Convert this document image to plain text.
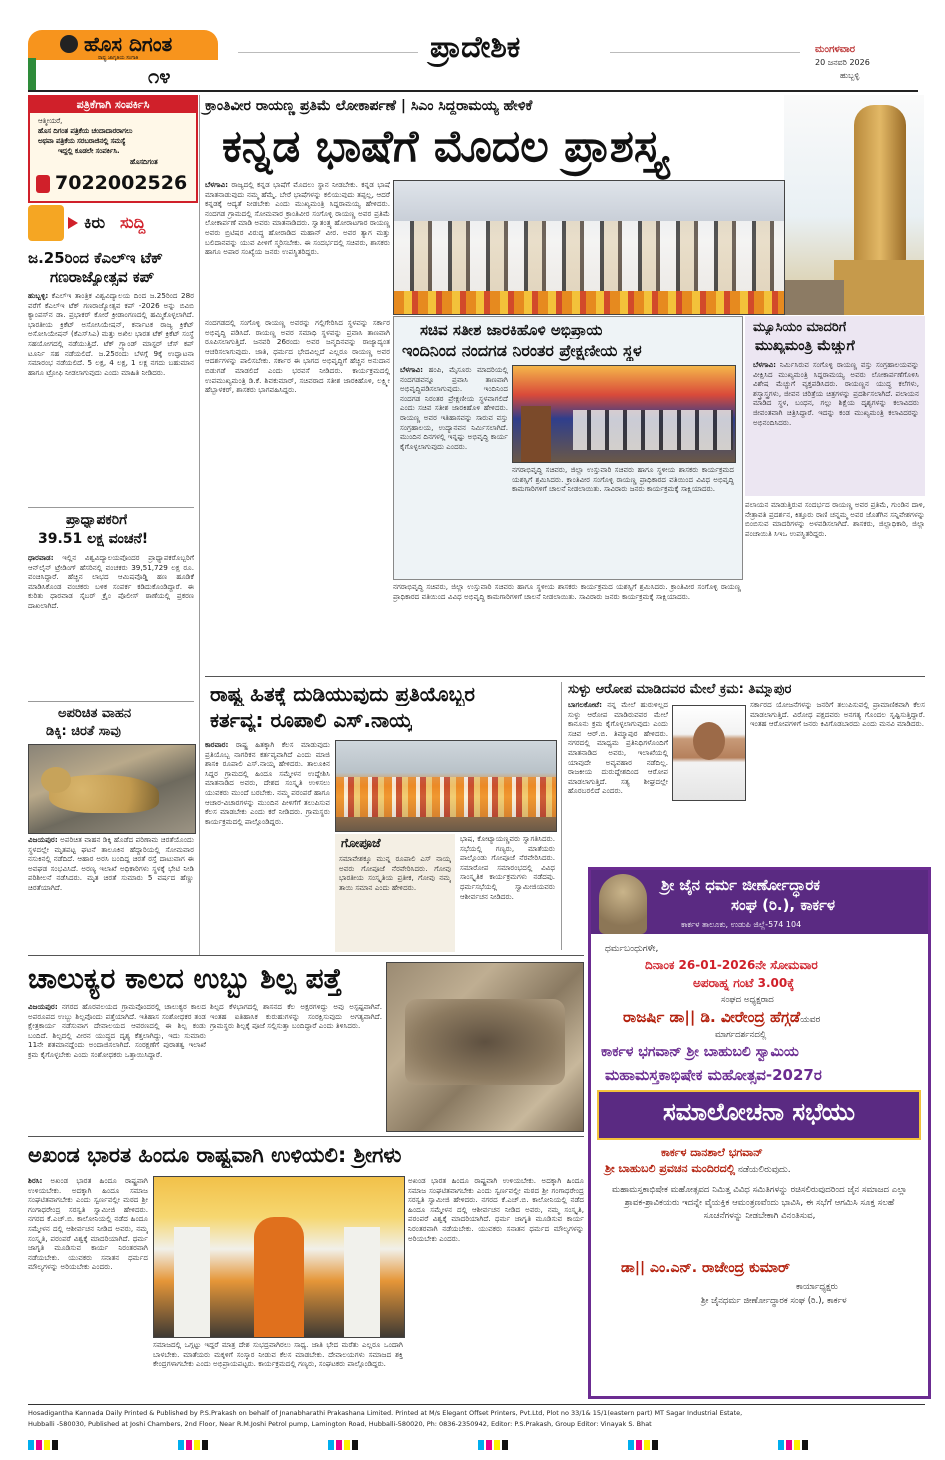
ಹೊಸ ದಿಗಂತ
ರಾಷ್ಟ್ರ ಜಾಗೃತಿಯ ಸಂಗಾತಿ
೧೪
ಪ್ರಾದೇಶಿಕ	ಮಂಗಳವಾರ
20 ಜನವರಿ 2026
ಹುಬ್ಬಳ್ಳಿ
ಪತ್ರಿಕೆಗಾಗಿ ಸಂಪರ್ಕಿಸಿ
ಆತ್ಮೀಯರೆ,
ಹೊಸ ದಿಗಂತ ಪತ್ರಿಕೆಯ ಚಂದಾದಾರರಾಗಲು
ಅಥವಾ ಪತ್ರಿಕೆಯ ಸರಬರಾಜಿನಲ್ಲಿ ಸಮಸ್ಯೆ
ಇದ್ದಲ್ಲಿ ಕೂಡಲೇ ಸಂಪರ್ಕಿಸಿ.
ಹೊಸದಿಗಂತ
7022002526
ಕಿರು ಸುದ್ದಿ
ಜ.25ರಿಂದ ಕೆಎಲ್‌ಇ ಟೆಕ್
ಗಣರಾಜ್ಯೋತ್ಸವ ಕಪ್
ಹುಬ್ಬಳ್ಳಿ: ಕೆಎಲ್‌ಇ ತಾಂತ್ರಿಕ ವಿಶ್ವವಿದ್ಯಾಲಯ ದಿಂದ ಜ.25ರಿಂದ 28ರ ವರೆಗೆ ಕೆಎಲ್‌ಇ ಟೆಕ್ ಗಣರಾಜ್ಯೋತ್ಸವ ಕಪ್ -2026 ಅನ್ನು ಬಿವಿಬಿ ಕ್ಯಾಂಪಸ್‌ನ ಡಾ. ಪ್ರಭಾಕರ್ ಕೋರೆ ಕ್ರೀಡಾಂಗಣದಲ್ಲಿ ಹಮ್ಮಿಕೊಳ್ಳಲಾಗಿದೆ. ಭಾರತೀಯ ಕ್ರಿಕೆಟ್ ಅಸೋಸಿಯೇಷನ್, ಕರ್ನಾಟಕ ರಾಜ್ಯ ಕ್ರಿಕೆಟ್ ಅಸೋಸಿಯೇಷನ್ (ಕೆಎಸ್‌ಸಿಎ) ಮತ್ತು ಅಖಿಲ ಭಾರತ ಟೆಕ್ ಕ್ರಿಕೆಟ್ ಸಂಸ್ಥೆ ಸಹಯೋಗದಲ್ಲಿ ನಡೆಯುತ್ತಿದೆ. ಟೆಕ್ ಗ್ರ್ಯಾಂಡ್ ಮಾಸ್ಟರ್ ಚೆಸ್ ಕಪ್ ಟೂರ್ನಿ ಸಹ ನಡೆಯಲಿದೆ. ಜ.25ರಂದು ಬೆಳಗ್ಗೆ 9ಕ್ಕೆ ಉದ್ಘಾಟನಾ ಸಮಾರಂಭ ನಡೆಯಲಿದೆ. 5 ಲಕ್ಷ, 4 ಲಕ್ಷ, 1 ಲಕ್ಷ ನಗದು ಬಹುಮಾನ ಹಾಗೂ ಟ್ರೋಫಿ ನೀಡಲಾಗುವುದು ಎಂದು ಮಾಹಿತಿ ನೀಡಿದರು.
ಪ್ರಾಧ್ಯಾಪಕರಿಗೆ
39.51 ಲಕ್ಷ ವಂಚನೆ!
ಧಾರವಾಡ: ಇಲ್ಲಿನ ವಿಶ್ವವಿದ್ಯಾಲಯವೊಂದರ ಪ್ರಾಧ್ಯಾಪಕರೊಬ್ಬರಿಗೆ ಆನ್‌ಲೈನ್ ಟ್ರೇಡಿಂಗ್ ಹೆಸರಿನಲ್ಲಿ ವಂಚಕರು 39,51,729 ಲಕ್ಷ ರೂ. ವಂಚಿಸಿದ್ದಾರೆ. ಹೆಚ್ಚಿನ ಲಾಭದ ಆಮಿಷವೊಡ್ಡಿ ಹಣ ಹೂಡಿಕೆ ಮಾಡಿಸಿಕೊಂಡ ವಂಚಕರು ಬಳಿಕ ಸಂಪರ್ಕ ಕಡಿದುಕೊಂಡಿದ್ದಾರೆ. ಈ ಕುರಿತು ಧಾರವಾಡ ಸೈಬರ್ ಕ್ರೈಂ ಪೊಲೀಸ್ ಠಾಣೆಯಲ್ಲಿ ಪ್ರಕರಣ ದಾಖಲಾಗಿದೆ.
ಅಪರಿಚಿತ ವಾಹನ
ಡಿಕ್ಕಿ: ಚಿರತೆ ಸಾವು
ವಿಜಯಪುರ: ಅಪರಿಚಿತ ವಾಹನ ಡಿಕ್ಕಿ ಹೊಡೆದ ಪರಿಣಾಮ ಚಿರತೆಯೊಂದು ಸ್ಥಳದಲ್ಲೇ ಮೃತಪಟ್ಟ ಘಟನೆ ತಾಲೂಕಿನ ಹೆದ್ದಾರಿಯಲ್ಲಿ ಸೋಮವಾರ ನಸುಕಿನಲ್ಲಿ ನಡೆದಿದೆ. ಆಹಾರ ಅರಸಿ ಬಂದಿದ್ದ ಚಿರತೆ ರಸ್ತೆ ದಾಟುವಾಗ ಈ ಅವಘಡ ಸಂಭವಿಸಿದೆ. ಅರಣ್ಯ ಇಲಾಖೆ ಅಧಿಕಾರಿಗಳು ಸ್ಥಳಕ್ಕೆ ಭೇಟಿ ನೀಡಿ ಪರಿಶೀಲನೆ ನಡೆಸಿದರು. ಮೃತ ಚಿರತೆ ಸುಮಾರು 5 ವರ್ಷದ ಹೆಣ್ಣು ಚಿರತೆಯಾಗಿದೆ.
ಕ್ರಾಂತಿವೀರ ರಾಯಣ್ಣ ಪ್ರತಿಮೆ ಲೋಕಾರ್ಪಣೆ | ಸಿಎಂ ಸಿದ್ದರಾಮಯ್ಯ ಹೇಳಿಕೆ
ಕನ್ನಡ ಭಾಷೆಗೆ ಮೊದಲ ಪ್ರಾಶಸ್ತ್ಯ
ಬೆಳಗಾವಿ: ರಾಜ್ಯದಲ್ಲಿ ಕನ್ನಡ ಭಾಷೆಗೆ ಮೊದಲು ಸ್ಥಾನ ನೀಡಬೇಕು. ಕನ್ನಡ ಭಾಷೆ ಮಾತನಾಡುವುದು ನಮ್ಮ ಹೆಮ್ಮೆ. ಬೇರೆ ಭಾಷೆಗಳನ್ನು ಕಲಿಯುವುದು ತಪ್ಪಲ್ಲ, ಆದರೆ ಕನ್ನಡಕ್ಕೆ ಆದ್ಯತೆ ನೀಡಬೇಕು ಎಂದು ಮುಖ್ಯಮಂತ್ರಿ ಸಿದ್ದರಾಮಯ್ಯ ಹೇಳಿದರು. ನಂದಗಡ ಗ್ರಾಮದಲ್ಲಿ ಸೋಮವಾರ ಕ್ರಾಂತಿವೀರ ಸಂಗೊಳ್ಳಿ ರಾಯಣ್ಣ ಅವರ ಪ್ರತಿಮೆ ಲೋಕಾರ್ಪಣೆ ಮಾಡಿ ಅವರು ಮಾತನಾಡಿದರು. ಸ್ವಾತಂತ್ರ್ಯ ಹೋರಾಟಗಾರ ರಾಯಣ್ಣ ಅವರು ಬ್ರಿಟಿಷರ ವಿರುದ್ಧ ಹೋರಾಡಿದ ಮಹಾನ್ ವೀರ. ಅವರ ತ್ಯಾಗ ಮತ್ತು ಬಲಿದಾನವನ್ನು ಯುವ ಪೀಳಿಗೆ ಸ್ಮರಿಸಬೇಕು. ಈ ಸಂದರ್ಭದಲ್ಲಿ ಸಚಿವರು, ಶಾಸಕರು ಹಾಗೂ ಅಪಾರ ಸಂಖ್ಯೆಯ ಜನರು ಉಪಸ್ಥಿತರಿದ್ದರು.
ನಂದಗಡದಲ್ಲಿ ಸಂಗೊಳ್ಳಿ ರಾಯಣ್ಣ ಅವರನ್ನು ಗಲ್ಲಿಗೇರಿಸಿದ ಸ್ಥಳವನ್ನು ಸರ್ಕಾರ ಅಭಿವೃದ್ಧಿ ಪಡಿಸಿದೆ. ರಾಯಣ್ಣ ಅವರ ಸಮಾಧಿ ಸ್ಥಳವನ್ನು ಪ್ರವಾಸಿ ತಾಣವಾಗಿ ರೂಪಿಸಲಾಗುತ್ತಿದೆ. ಜನವರಿ 26ರಂದು ಅವರ ಜನ್ಮದಿನವನ್ನು ರಾಜ್ಯಾದ್ಯಂತ ಆಚರಿಸಲಾಗುವುದು. ಜಾತಿ, ಧರ್ಮದ ಭೇದವಿಲ್ಲದೆ ಎಲ್ಲರೂ ರಾಯಣ್ಣ ಅವರ ಆದರ್ಶಗಳನ್ನು ಪಾಲಿಸಬೇಕು. ಸರ್ಕಾರ ಈ ಭಾಗದ ಅಭಿವೃದ್ಧಿಗೆ ಹೆಚ್ಚಿನ ಅನುದಾನ ಬಿಡುಗಡೆ ಮಾಡಲಿದೆ ಎಂದು ಭರವಸೆ ನೀಡಿದರು. ಕಾರ್ಯಕ್ರಮದಲ್ಲಿ ಉಪಮುಖ್ಯಮಂತ್ರಿ ಡಿ.ಕೆ. ಶಿವಕುಮಾರ್, ಸಚಿವರಾದ ಸತೀಶ ಜಾರಕಿಹೊಳಿ, ಲಕ್ಷ್ಮೀ ಹೆಬ್ಬಾಳಕರ್, ಶಾಸಕರು ಭಾಗವಹಿಸಿದ್ದರು.
ಸಚಿವ ಸತೀಶ ಜಾರಕಿಹೊಳಿ ಅಭಿಪ್ರಾಯ
ಇಂದಿನಿಂದ ನಂದಗಡ ನಿರಂತರ ಪ್ರೇಕ್ಷಣೀಯ ಸ್ಥಳ
ಬೆಳಗಾವಿ: ಹಂಪಿ, ಮೈಸೂರು ಮಾದರಿಯಲ್ಲಿ ನಂದಗಡವನ್ನೂ ಪ್ರವಾಸಿ ತಾಣವಾಗಿ ಅಭಿವೃದ್ಧಿಪಡಿಸಲಾಗುವುದು. ಇಂದಿನಿಂದ ನಂದಗಡ ನಿರಂತರ ಪ್ರೇಕ್ಷಣೀಯ ಸ್ಥಳವಾಗಲಿದೆ ಎಂದು ಸಚಿವ ಸತೀಶ ಜಾರಕಿಹೊಳಿ ಹೇಳಿದರು. ರಾಯಣ್ಣ ಅವರ ಇತಿಹಾಸವನ್ನು ಸಾರುವ ವಸ್ತು ಸಂಗ್ರಹಾಲಯ, ಉದ್ಯಾನವನ ನಿರ್ಮಿಸಲಾಗಿದೆ. ಮುಂದಿನ ದಿನಗಳಲ್ಲಿ ಇನ್ನಷ್ಟು ಅಭಿವೃದ್ಧಿ ಕಾರ್ಯ ಕೈಗೊಳ್ಳಲಾಗುವುದು ಎಂದರು.
ನಗರಾಭಿವೃದ್ಧಿ ಸಚಿವರು, ಜಿಲ್ಲಾ ಉಸ್ತುವಾರಿ ಸಚಿವರು ಹಾಗೂ ಸ್ಥಳೀಯ ಶಾಸಕರು ಕಾರ್ಯಕ್ರಮದ ಯಶಸ್ಸಿಗೆ ಶ್ರಮಿಸಿದರು. ಕ್ರಾಂತಿವೀರ ಸಂಗೊಳ್ಳಿ ರಾಯಣ್ಣ ಪ್ರಾಧಿಕಾರದ ವತಿಯಿಂದ ವಿವಿಧ ಅಭಿವೃದ್ಧಿ ಕಾಮಗಾರಿಗಳಿಗೆ ಚಾಲನೆ ನೀಡಲಾಯಿತು. ಸಾವಿರಾರು ಜನರು ಕಾರ್ಯಕ್ರಮಕ್ಕೆ ಸಾಕ್ಷಿಯಾದರು.
ಮ್ಯೂಸಿಯಂ ಮಾದರಿಗೆ
ಮುಖ್ಯಮಂತ್ರಿ ಮೆಚ್ಚುಗೆ
ಬೆಳಗಾವಿ: ನಿರ್ಮಿಸಿರುವ ಸಂಗೊಳ್ಳಿ ರಾಯಣ್ಣ ವಸ್ತು ಸಂಗ್ರಹಾಲಯವನ್ನು ವೀಕ್ಷಿಸಿದ ಮುಖ್ಯಮಂತ್ರಿ ಸಿದ್ದರಾಮಯ್ಯ ಅವರು ಲೋಕಾರ್ಪಣೆಗೊಳಿಸಿ ವಿಶೇಷ ಮೆಚ್ಚುಗೆ ವ್ಯಕ್ತಪಡಿಸಿದರು. ರಾಯಣ್ಣನ ಯುದ್ಧ ಕಲೆಗಳು, ಶಸ್ತ್ರಾಸ್ತ್ರಗಳು, ಜೀವನ ಚರಿತ್ರೆಯ ಚಿತ್ರಗಳನ್ನು ಪ್ರದರ್ಶಿಸಲಾಗಿದೆ. ಪಲಾಯನ ಮಾಡಿದ ಸ್ಥಳ, ಬಂಧನ, ಗಲ್ಲು ಶಿಕ್ಷೆಯ ದೃಶ್ಯಗಳನ್ನು ಕಲಾವಿದರು ಜೀವಂತವಾಗಿ ಚಿತ್ರಿಸಿದ್ದಾರೆ. ಇದನ್ನು ಕಂಡ ಮುಖ್ಯಮಂತ್ರಿ ಕಲಾವಿದರನ್ನು ಅಭಿನಂದಿಸಿದರು.
ಪಲಾಯನ ಮಾಡುತ್ತಿರುವ ಸಂದರ್ಭದ ರಾಯಣ್ಣ ಅವರ ಪ್ರತಿಮೆ, ಗುಂಡಿನ ದಾಳಿ, ನೇತ್ರಾವತಿ ಪ್ರದರ್ಶನ, ಕಿತ್ತೂರು ರಾಣಿ ಚನ್ನಮ್ಮ ಅವರ ಜೊತೆಗಿನ ಸನ್ನಿವೇಶಗಳನ್ನು ಬಿಂಬಿಸುವ ಮಾದರಿಗಳನ್ನು ಅಳವಡಿಸಲಾಗಿದೆ. ಶಾಸಕರು, ಜಿಲ್ಲಾಧಿಕಾರಿ, ಜಿಲ್ಲಾ ಪಂಚಾಯಿತಿ ಸಿಇಒ ಉಪಸ್ಥಿತರಿದ್ದರು.
ನಗರಾಭಿವೃದ್ಧಿ ಸಚಿವರು, ಜಿಲ್ಲಾ ಉಸ್ತುವಾರಿ ಸಚಿವರು ಹಾಗೂ ಸ್ಥಳೀಯ ಶಾಸಕರು ಕಾರ್ಯಕ್ರಮದ ಯಶಸ್ಸಿಗೆ ಶ್ರಮಿಸಿದರು. ಕ್ರಾಂತಿವೀರ ಸಂಗೊಳ್ಳಿ ರಾಯಣ್ಣ ಪ್ರಾಧಿಕಾರದ ವತಿಯಿಂದ ವಿವಿಧ ಅಭಿವೃದ್ಧಿ ಕಾಮಗಾರಿಗಳಿಗೆ ಚಾಲನೆ ನೀಡಲಾಯಿತು. ಸಾವಿರಾರು ಜನರು ಕಾರ್ಯಕ್ರಮಕ್ಕೆ ಸಾಕ್ಷಿಯಾದರು.
ರಾಷ್ಟ್ರ ಹಿತಕ್ಕೆ ದುಡಿಯುವುದು ಪ್ರತಿಯೊಬ್ಬರ
ಕರ್ತವ್ಯ: ರೂಪಾಲಿ ಎಸ್.ನಾಯ್ಕ
ಕಾರವಾರ: ರಾಷ್ಟ್ರ ಹಿತಕ್ಕಾಗಿ ಕೆಲಸ ಮಾಡುವುದು ಪ್ರತಿಯೊಬ್ಬ ನಾಗರಿಕನ ಕರ್ತವ್ಯವಾಗಿದೆ ಎಂದು ಮಾಜಿ ಶಾಸಕಿ ರೂಪಾಲಿ ಎಸ್.ನಾಯ್ಕ ಹೇಳಿದರು. ತಾಲೂಕಿನ ಸಿದ್ದರ ಗ್ರಾಮದಲ್ಲಿ ಹಿಂದೂ ಸಮ್ಮೇಳನ ಉದ್ದೇಶಿಸಿ ಮಾತನಾಡಿದ ಅವರು, ದೇಶದ ಸಂಸ್ಕೃತಿ ಉಳಿಸಲು ಯುವಕರು ಮುಂದೆ ಬರಬೇಕು. ನಮ್ಮ ಪರಂಪರೆ ಹಾಗೂ ಆಚಾರ-ವಿಚಾರಗಳನ್ನು ಮುಂದಿನ ಪೀಳಿಗೆಗೆ ತಲುಪಿಸುವ ಕೆಲಸ ಮಾಡಬೇಕು ಎಂದು ಕರೆ ನೀಡಿದರು. ಗ್ರಾಮಸ್ಥರು ಕಾರ್ಯಕ್ರಮದಲ್ಲಿ ಪಾಲ್ಗೊಂಡಿದ್ದರು.
ಗೋಪೂಜೆ
ಸಮಾವೇಶಕ್ಕೂ ಮುನ್ನ ರೂಪಾಲಿ ಎಸ್ ನಾಯ್ಕ ಅವರು ಗೋಪೂಜೆ ನೆರವೇರಿಸಿದರು. ಗೋವು ಭಾರತೀಯ ಸಂಸ್ಕೃತಿಯ ಪ್ರತೀಕ, ಗೋವು ನಮ್ಮ ತಾಯಿ ಸಮಾನ ಎಂದು ಹೇಳಿದರು.
ಭಾಷ, ಕೋಟ್ಯಾಯಣ್ಣವರು ಸ್ವಾಗತಿಸಿದರು. ಸಭೆಯಲ್ಲಿ ಗಣ್ಯರು, ಮಾತೆಯರು ಪಾಲ್ಗೊಂಡು ಗೋಪೂಜೆ ನೆರವೇರಿಸಿದರು. ಸಮಾರೋಪ ಸಮಾರಂಭದಲ್ಲಿ ವಿವಿಧ ಸಾಂಸ್ಕೃತಿಕ ಕಾರ್ಯಕ್ರಮಗಳು ನಡೆದವು. ಧರ್ಮಸಭೆಯಲ್ಲಿ ಸ್ವಾಮೀಜಿಯವರು ಆಶೀರ್ವಚನ ನೀಡಿದರು.
ಸುಳ್ಳು ಆರೋಪ ಮಾಡಿದವರ ಮೇಲೆ ಕ್ರಮ: ತಿಮ್ಮಾಪುರ
ಬಾಗಲಕೋಟೆ: ನನ್ನ ಮೇಲೆ ಹುರುಳಿಲ್ಲದ ಸುಳ್ಳು ಆರೋಪ ಮಾಡಿರುವವರ ಮೇಲೆ ಕಾನೂನು ಕ್ರಮ ಕೈಗೊಳ್ಳಲಾಗುವುದು ಎಂದು ಸಚಿವ ಆರ್.ಬಿ. ತಿಮ್ಮಾಪುರ ಹೇಳಿದರು. ನಗರದಲ್ಲಿ ಮಾಧ್ಯಮ ಪ್ರತಿನಿಧಿಗಳೊಂದಿಗೆ ಮಾತನಾಡಿದ ಅವರು, ಇಲಾಖೆಯಲ್ಲಿ ಯಾವುದೇ ಅವ್ಯವಹಾರ ನಡೆದಿಲ್ಲ. ರಾಜಕೀಯ ದುರುದ್ದೇಶದಿಂದ ಆರೋಪ ಮಾಡಲಾಗುತ್ತಿದೆ. ಸತ್ಯ ಶೀಘ್ರದಲ್ಲೇ ಹೊರಬರಲಿದೆ ಎಂದರು.
ಸರ್ಕಾರದ ಯೋಜನೆಗಳನ್ನು ಜನರಿಗೆ ತಲುಪಿಸುವಲ್ಲಿ ಪ್ರಾಮಾಣಿಕವಾಗಿ ಕೆಲಸ ಮಾಡಲಾಗುತ್ತಿದೆ. ವಿರೋಧ ಪಕ್ಷದವರು ಅನಗತ್ಯ ಗೊಂದಲ ಸೃಷ್ಟಿಸುತ್ತಿದ್ದಾರೆ. ಇಂತಹ ಆರೋಪಗಳಿಗೆ ಜನರು ಕಿವಿಗೊಡಬಾರದು ಎಂದು ಮನವಿ ಮಾಡಿದರು.
ಶ್ರೀ ಜೈನ ಧರ್ಮ ಜೀರ್ಣೋದ್ಧಾರಕ
ಸಂಘ (ರಿ.), ಕಾರ್ಕಳ
ಕಾರ್ಕಳ ತಾಲೂಕು, ಉಡುಪಿ ಜಿಲ್ಲೆ-574 104
ಧರ್ಮಬಂಧುಗಳೇ,
ದಿನಾಂಕ 26-01-2026ನೇ ಸೋಮವಾರ
ಅಪರಾಹ್ನ ಗಂಟೆ 3.00ಕ್ಕೆ
ಸಂಘದ ಅಧ್ಯಕ್ಷರಾದ
ರಾಜರ್ಷಿ ಡಾ|| ಡಿ. ವೀರೇಂದ್ರ ಹೆಗ್ಗಡೆಯವರ
ಮಾರ್ಗದರ್ಶನದಲ್ಲಿ
ಕಾರ್ಕಳ ಭಗವಾನ್ ಶ್ರೀ ಬಾಹುಬಲಿ ಸ್ವಾಮಿಯ
ಮಹಾಮಸ್ತಕಾಭಿಷೇಕ ಮಹೋತ್ಸವ-2027ರ
ಸಮಾಲೋಚನಾ ಸಭೆಯು
ಕಾರ್ಕಳ ದಾನಶಾಲೆ ಭಗವಾನ್
ಶ್ರೀ ಬಾಹುಬಲಿ ಪ್ರವಚನ ಮಂದಿರದಲ್ಲಿ ನಡೆಯಲಿರುವುದು.
ಮಹಾಮಸ್ತಕಾಭಿಷೇಕ ಮಹೋತ್ಸವದ ನಿಮಿತ್ತ ವಿವಿಧ ಸಮಿತಿಗಳನ್ನು ರಚಿಸಲಿರುವುದರಿಂದ ಜೈನ ಸಮಾಜದ ಎಲ್ಲಾ ಶ್ರಾವಕ-ಶ್ರಾವಿಕಯರು ಇದನ್ನೇ ವೈಯಕ್ತಿಕ ಆಮಂತ್ರಣವೆಂದು ಭಾವಿಸಿ, ಈ ಸಭೆಗೆ ಆಗಮಿಸಿ ಸೂಕ್ತ ಸಲಹೆ ಸೂಚನೆಗಳನ್ನು ನೀಡಬೇಕಾಗಿ ವಿನಂತಿಸುವ,
ಡಾ|| ಎಂ.ಎನ್. ರಾಜೇಂದ್ರ ಕುಮಾರ್
ಕಾರ್ಯಾಧ್ಯಕ್ಷರು
ಶ್ರೀ ಜೈನಧರ್ಮ ಜೀರ್ಣೋದ್ಧಾರಕ ಸಂಘ (ರಿ.), ಕಾರ್ಕಳ
ಚಾಲುಕ್ಯರ ಕಾಲದ ಉಬ್ಬು ಶಿಲ್ಪ ಪತ್ತೆ
ವಿಜಯಪುರ: ನಗರದ ಹೊರವಲಯದ ಗ್ರಾಮವೊಂದರಲ್ಲಿ ಚಾಲುಕ್ಯರ ಕಾಲದ ಅಪರೂಪದ ಉಬ್ಬು ಶಿಲ್ಪವೊಂದು ಪತ್ತೆಯಾಗಿದೆ. ಇತಿಹಾಸ ಸಂಶೋಧಕರ ತಂಡ ಕ್ಷೇತ್ರಕಾರ್ಯ ನಡೆಸುವಾಗ ದೇವಾಲಯದ ಆವರಣದಲ್ಲಿ ಈ ಶಿಲ್ಪ ಕಂಡು ಬಂದಿದೆ. ಶಿಲ್ಪದಲ್ಲಿ ವೀರನ ಯುದ್ಧದ ದೃಶ್ಯ ಕೆತ್ತಲಾಗಿದ್ದು, ಇದು ಸುಮಾರು 11ನೇ ಶತಮಾನದ್ದೆಂದು ಅಂದಾಜಿಸಲಾಗಿದೆ. ಸಂರಕ್ಷಣೆಗೆ ಪುರಾತತ್ವ ಇಲಾಖೆ ಕ್ರಮ ಕೈಗೊಳ್ಳಬೇಕು ಎಂದು ಸಂಶೋಧಕರು ಒತ್ತಾಯಿಸಿದ್ದಾರೆ.
ಶಿಲ್ಪದ ಕೆಳಭಾಗದಲ್ಲಿ ಶಾಸನದ ಕೆಲ ಅಕ್ಷರಗಳಿದ್ದು ಅವು ಅಸ್ಪಷ್ಟವಾಗಿವೆ. ಇಂತಹ ಐತಿಹಾಸಿಕ ಕುರುಹುಗಳನ್ನು ಸಂರಕ್ಷಿಸುವುದು ಅಗತ್ಯವಾಗಿದೆ. ಗ್ರಾಮಸ್ಥರು ಶಿಲ್ಪಕ್ಕೆ ಪೂಜೆ ಸಲ್ಲಿಸುತ್ತಾ ಬಂದಿದ್ದಾರೆ ಎಂದು ತಿಳಿಸಿದರು.
ಅಖಂಡ ಭಾರತ ಹಿಂದೂ ರಾಷ್ಟ್ರವಾಗಿ ಉಳಿಯಲಿ: ಶ್ರೀಗಳು
ಶಿರಸಿ: ಅಖಂಡ ಭಾರತ ಹಿಂದೂ ರಾಷ್ಟ್ರವಾಗಿ ಉಳಿಯಬೇಕು. ಅದಕ್ಕಾಗಿ ಹಿಂದೂ ಸಮಾಜ ಸಂಘಟಿತವಾಗಬೇಕು ಎಂದು ಸ್ವರ್ಣವಲ್ಲೀ ಮಠದ ಶ್ರೀ ಗಂಗಾಧರೇಂದ್ರ ಸರಸ್ವತಿ ಸ್ವಾಮೀಜಿ ಹೇಳಿದರು. ನಗರದ ಕೆ.ಎಚ್.ಬಿ. ಕಾಲೋನಿಯಲ್ಲಿ ನಡೆದ ಹಿಂದೂ ಸಮ್ಮೇಳನ ದಲ್ಲಿ ಆಶೀರ್ವಚನ ನೀಡಿದ ಅವರು, ನಮ್ಮ ಸಂಸ್ಕೃತಿ, ಪರಂಪರೆ ವಿಶ್ವಕ್ಕೆ ಮಾದರಿಯಾಗಿದೆ. ಧರ್ಮ ಜಾಗೃತಿ ಮೂಡಿಸುವ ಕಾರ್ಯ ನಿರಂತರವಾಗಿ ನಡೆಯಬೇಕು. ಯುವಕರು ಸನಾತನ ಧರ್ಮದ ಮೌಲ್ಯಗಳನ್ನು ಅರಿಯಬೇಕು ಎಂದರು.
ಸಮಾಜದಲ್ಲಿ ಒಗ್ಗಟ್ಟು ಇದ್ದರೆ ಮಾತ್ರ ದೇಶ ಸುಭದ್ರವಾಗಿರಲು ಸಾಧ್ಯ. ಜಾತಿ ಭೇದ ಮರೆತು ಎಲ್ಲರೂ ಒಂದಾಗಿ ಬಾಳಬೇಕು. ಮಾತೆಯರು ಮಕ್ಕಳಿಗೆ ಸಂಸ್ಕಾರ ನೀಡುವ ಕೆಲಸ ಮಾಡಬೇಕು. ದೇವಾಲಯಗಳು ಸಮಾಜದ ಶಕ್ತಿ ಕೇಂದ್ರಗಳಾಗಬೇಕು ಎಂದು ಅಭಿಪ್ರಾಯಪಟ್ಟರು. ಕಾರ್ಯಕ್ರಮದಲ್ಲಿ ಗಣ್ಯರು, ಸಂಘಟಕರು ಪಾಲ್ಗೊಂಡಿದ್ದರು.
ಅಖಂಡ ಭಾರತ ಹಿಂದೂ ರಾಷ್ಟ್ರವಾಗಿ ಉಳಿಯಬೇಕು. ಅದಕ್ಕಾಗಿ ಹಿಂದೂ ಸಮಾಜ ಸಂಘಟಿತವಾಗಬೇಕು ಎಂದು ಸ್ವರ್ಣವಲ್ಲೀ ಮಠದ ಶ್ರೀ ಗಂಗಾಧರೇಂದ್ರ ಸರಸ್ವತಿ ಸ್ವಾಮೀಜಿ ಹೇಳಿದರು. ನಗರದ ಕೆ.ಎಚ್.ಬಿ. ಕಾಲೋನಿಯಲ್ಲಿ ನಡೆದ ಹಿಂದೂ ಸಮ್ಮೇಳನ ದಲ್ಲಿ ಆಶೀರ್ವಚನ ನೀಡಿದ ಅವರು, ನಮ್ಮ ಸಂಸ್ಕೃತಿ, ಪರಂಪರೆ ವಿಶ್ವಕ್ಕೆ ಮಾದರಿಯಾಗಿದೆ. ಧರ್ಮ ಜಾಗೃತಿ ಮೂಡಿಸುವ ಕಾರ್ಯ ನಿರಂತರವಾಗಿ ನಡೆಯಬೇಕು. ಯುವಕರು ಸನಾತನ ಧರ್ಮದ ಮೌಲ್ಯಗಳನ್ನು ಅರಿಯಬೇಕು ಎಂದರು.
Hosadigantha Kannada Daily Printed & Published by P.S.Prakash on behalf of Jnanabharathi Prakashana Limited. Printed at M/s Elegant Offset Printers, Pvt.Ltd, Plot no 33/1& 15/1(eastern part) MT Sagar Industrial Estate,
Hubballi -580030, Published at Joshi Chambers, 2nd Floor, Near R.M.Joshi Petrol pump, Lamington Road, Hubballi-580020, Ph: 0836-2350942, Editor: P.S.Prakash, Group Editor: Vinayak S. Bhat
